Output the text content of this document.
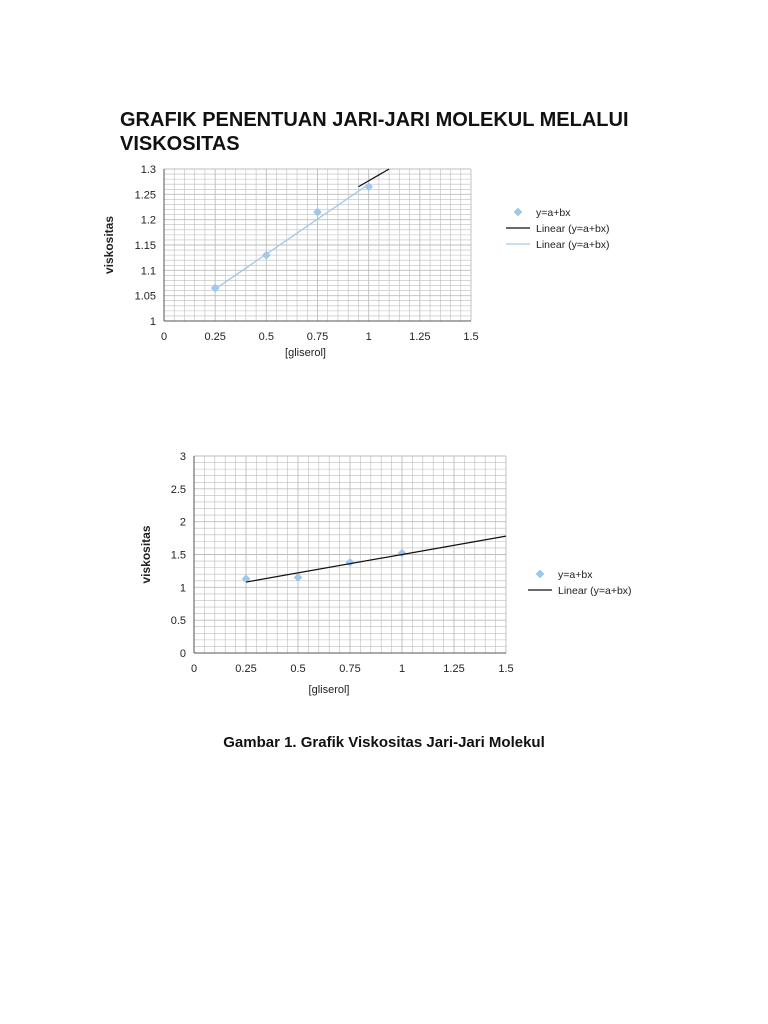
GRAFIK PENENTUAN JARI-JARI MOLEKUL MELALUI VISKOSITAS
0	0.25	0.5	0.75	1	1.25	1.5
1
1.05
1.1
1.15
1.2
1.25
1.3
[gliserol]
viskositas
y=a+bx
Linear (y=a+bx)
Linear (y=a+bx)
0	0.25	0.5	0.75	1	1.25	1.5
0
0.5
1
1.5
2
2.5
3
[gliserol]
viskositas	y=a+bx
Linear (y=a+bx)
Gambar 1. Grafik Viskositas Jari-Jari Molekul
